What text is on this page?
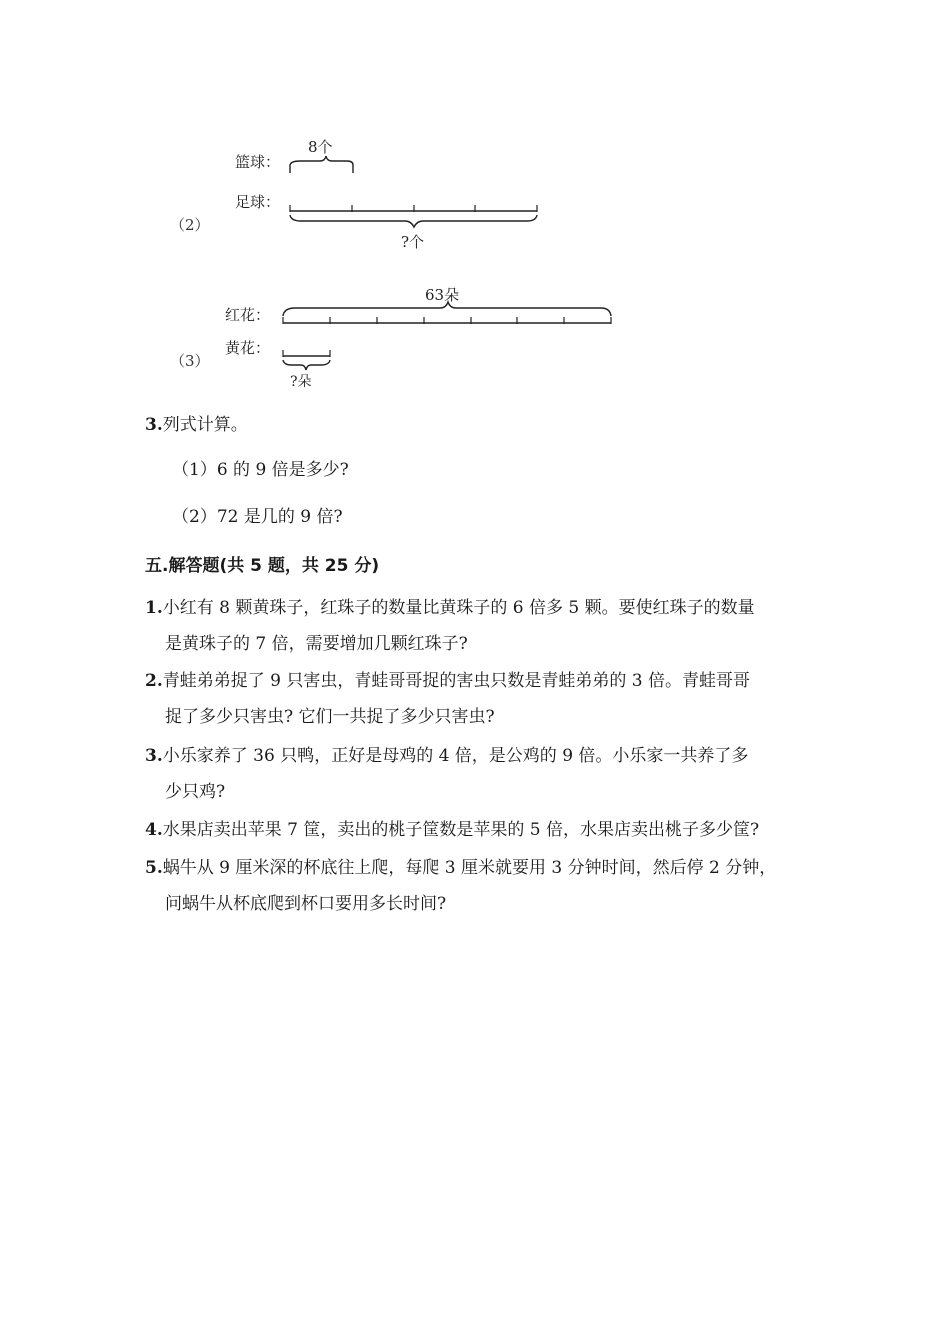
（2）
篮球：
8个
足球：
?个
（3）
63朵
红花：
黄花：
?朵
3.列式计算。
（1）6 的 9 倍是多少?
（2）72 是几的 9 倍?
五.解答题(共 5 题，共 25 分)
1.小红有 8 颗黄珠子，红珠子的数量比黄珠子的 6 倍多 5 颗。要使红珠子的数量
是黄珠子的 7 倍，需要增加几颗红珠子?
2.青蛙弟弟捉了 9 只害虫，青蛙哥哥捉的害虫只数是青蛙弟弟的 3 倍。青蛙哥哥
捉了多少只害虫? 它们一共捉了多少只害虫?
3.小乐家养了 36 只鸭，正好是母鸡的 4 倍，是公鸡的 9 倍。小乐家一共养了多
少只鸡?
4.水果店卖出苹果 7 筐，卖出的桃子筐数是苹果的 5 倍，水果店卖出桃子多少筐?
5.蜗牛从 9 厘米深的杯底往上爬，每爬 3 厘米就要用 3 分钟时间，然后停 2 分钟，
问蜗牛从杯底爬到杯口要用多长时间?
